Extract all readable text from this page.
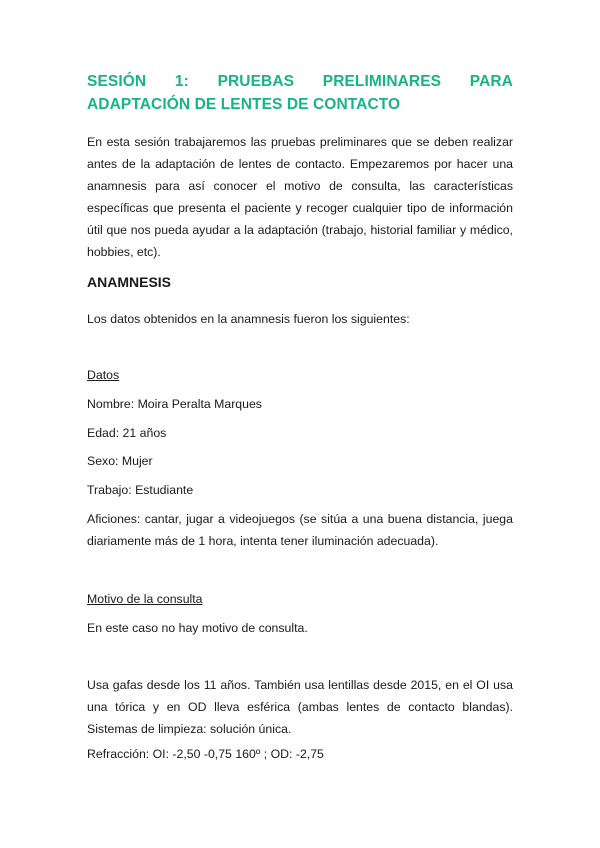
SESIÓN 1: PRUEBAS PRELIMINARES PARA
ADAPTACIÓN DE LENTES DE CONTACTO

En esta sesión trabajaremos las pruebas preliminares que se deben realizar antes de la adaptación de lentes de contacto. Empezaremos por hacer una anamnesis para así conocer el motivo de consulta, las características específicas que presenta el paciente y recoger cualquier tipo de información útil que nos pueda ayudar a la adaptación (trabajo, historial familiar y médico, hobbies, etc).

ANAMNESIS

Los datos obtenidos en la anamnesis fueron los siguientes:

Datos

Nombre: Moira Peralta Marques

Edad: 21 años

Sexo: Mujer

Trabajo: Estudiante

Aficiones: cantar, jugar a videojuegos (se sitúa a una buena distancia, juega diariamente más de 1 hora, intenta tener iluminación adecuada).

Motivo de la consulta

En este caso no hay motivo de consulta.

Usa gafas desde los 11 años. También usa lentillas desde 2015, en el OI usa una tórica y en OD lleva esférica (ambas lentes de contacto blandas). Sistemas de limpieza: solución única.

Refracción: OI: -2,50 -0,75 160º ; OD: -2,75
